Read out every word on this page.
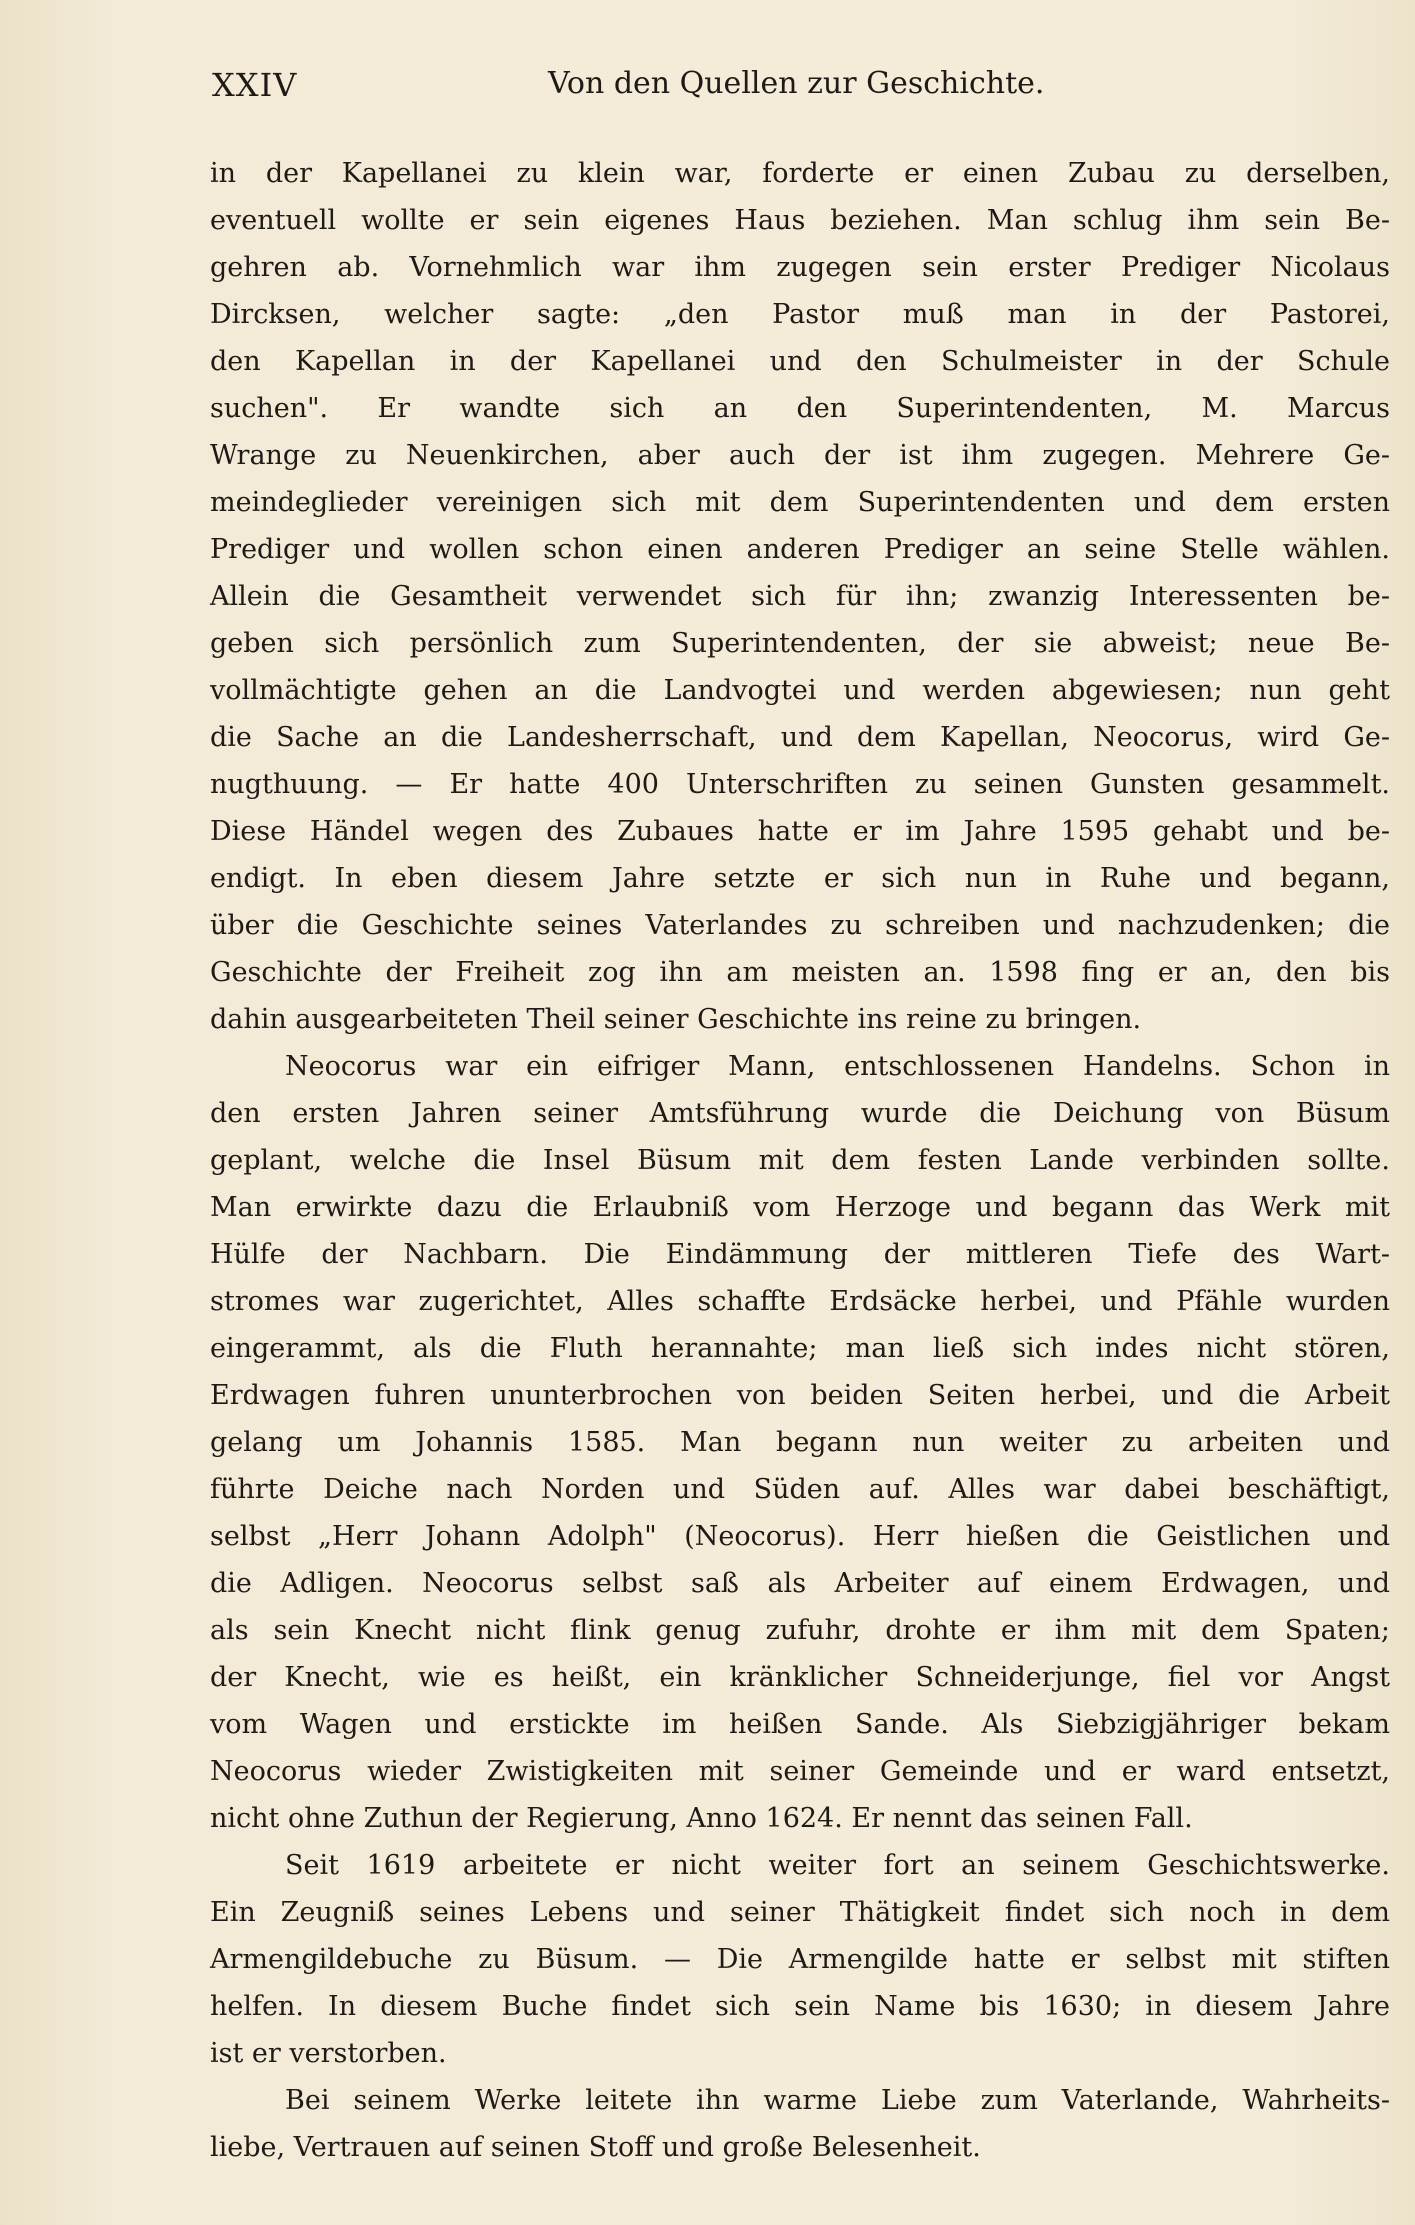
XXIV	Von den Quellen zur Geschichte.
in der Kapellanei zu klein war, forderte er einen Zubau zu derselben,
eventuell wollte er sein eigenes Haus beziehen. Man schlug ihm sein Be-
gehren ab. Vornehmlich war ihm zugegen sein erster Prediger Nicolaus
Dircksen, welcher sagte: „den Pastor muß man in der Pastorei,
den Kapellan in der Kapellanei und den Schulmeister in der Schule
suchen". Er wandte sich an den Superintendenten, M. Marcus
Wrange zu Neuenkirchen, aber auch der ist ihm zugegen. Mehrere Ge-
meindeglieder vereinigen sich mit dem Superintendenten und dem ersten
Prediger und wollen schon einen anderen Prediger an seine Stelle wählen.
Allein die Gesamtheit verwendet sich für ihn; zwanzig Interessenten be-
geben sich persönlich zum Superintendenten, der sie abweist; neue Be-
vollmächtigte gehen an die Landvogtei und werden abgewiesen; nun geht
die Sache an die Landesherrschaft, und dem Kapellan, Neocorus, wird Ge-
nugthuung. — Er hatte 400 Unterschriften zu seinen Gunsten gesammelt.
Diese Händel wegen des Zubaues hatte er im Jahre 1595 gehabt und be-
endigt. In eben diesem Jahre setzte er sich nun in Ruhe und begann,
über die Geschichte seines Vaterlandes zu schreiben und nachzudenken; die
Geschichte der Freiheit zog ihn am meisten an. 1598 fing er an, den bis
dahin ausgearbeiteten Theil seiner Geschichte ins reine zu bringen.
Neocorus war ein eifriger Mann, entschlossenen Handelns. Schon in
den ersten Jahren seiner Amtsführung wurde die Deichung von Büsum
geplant, welche die Insel Büsum mit dem festen Lande verbinden sollte.
Man erwirkte dazu die Erlaubniß vom Herzoge und begann das Werk mit
Hülfe der Nachbarn. Die Eindämmung der mittleren Tiefe des Wart-
stromes war zugerichtet, Alles schaffte Erdsäcke herbei, und Pfähle wurden
eingerammt, als die Fluth herannahte; man ließ sich indes nicht stören,
Erdwagen fuhren ununterbrochen von beiden Seiten herbei, und die Arbeit
gelang um Johannis 1585. Man begann nun weiter zu arbeiten und
führte Deiche nach Norden und Süden auf. Alles war dabei beschäftigt,
selbst „Herr Johann Adolph" (Neocorus). Herr hießen die Geistlichen und
die Adligen. Neocorus selbst saß als Arbeiter auf einem Erdwagen, und
als sein Knecht nicht flink genug zufuhr, drohte er ihm mit dem Spaten;
der Knecht, wie es heißt, ein kränklicher Schneiderjunge, fiel vor Angst
vom Wagen und erstickte im heißen Sande. Als Siebzigjähriger bekam
Neocorus wieder Zwistigkeiten mit seiner Gemeinde und er ward entsetzt,
nicht ohne Zuthun der Regierung, Anno 1624. Er nennt das seinen Fall.
Seit 1619 arbeitete er nicht weiter fort an seinem Geschichtswerke.
Ein Zeugniß seines Lebens und seiner Thätigkeit findet sich noch in dem
Armengildebuche zu Büsum. — Die Armengilde hatte er selbst mit stiften
helfen. In diesem Buche findet sich sein Name bis 1630; in diesem Jahre
ist er verstorben.
Bei seinem Werke leitete ihn warme Liebe zum Vaterlande, Wahrheits-
liebe, Vertrauen auf seinen Stoff und große Belesenheit.
